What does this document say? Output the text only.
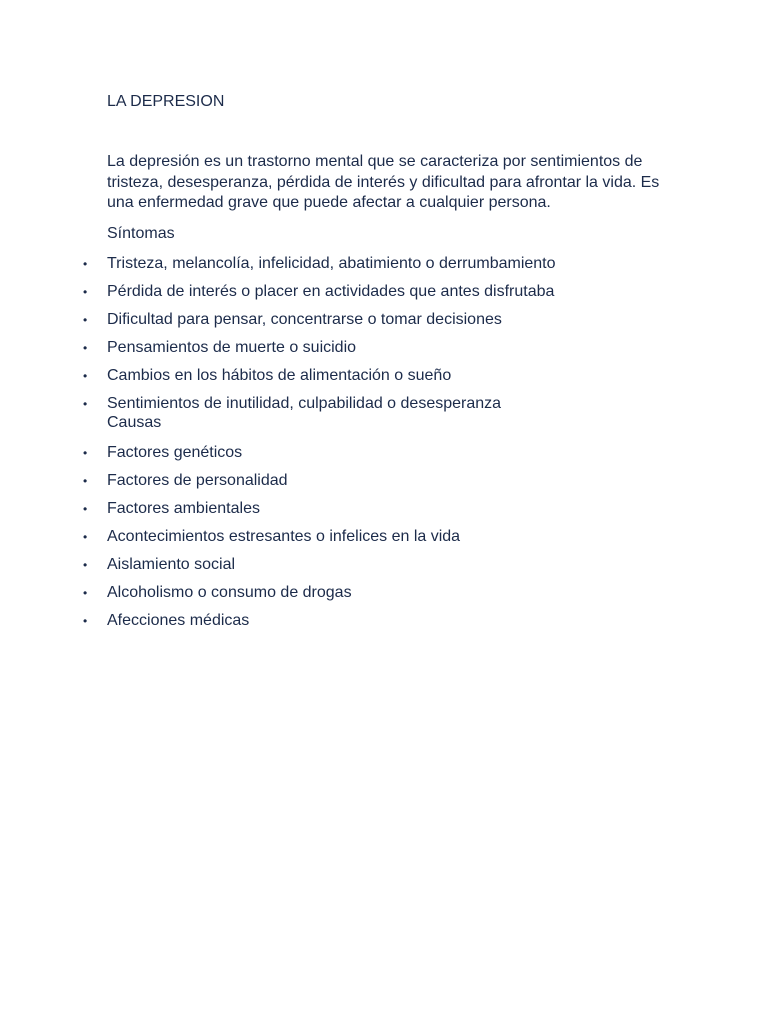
LA DEPRESION

La depresión es un trastorno mental que se caracteriza por sentimientos de tristeza, desesperanza, pérdida de interés y dificultad para afrontar la vida. Es una enfermedad grave que puede afectar a cualquier persona.

Síntomas
•	Tristeza, melancolía, infelicidad, abatimiento o derrumbamiento
•	Pérdida de interés o placer en actividades que antes disfrutaba
•	Dificultad para pensar, concentrarse o tomar decisiones
•	Pensamientos de muerte o suicidio
•	Cambios en los hábitos de alimentación o sueño
•	Sentimientos de inutilidad, culpabilidad o desesperanza
Causas
•	Factores genéticos
•	Factores de personalidad
•	Factores ambientales
•	Acontecimientos estresantes o infelices en la vida
•	Aislamiento social
•	Alcoholismo o consumo de drogas
•	Afecciones médicas
